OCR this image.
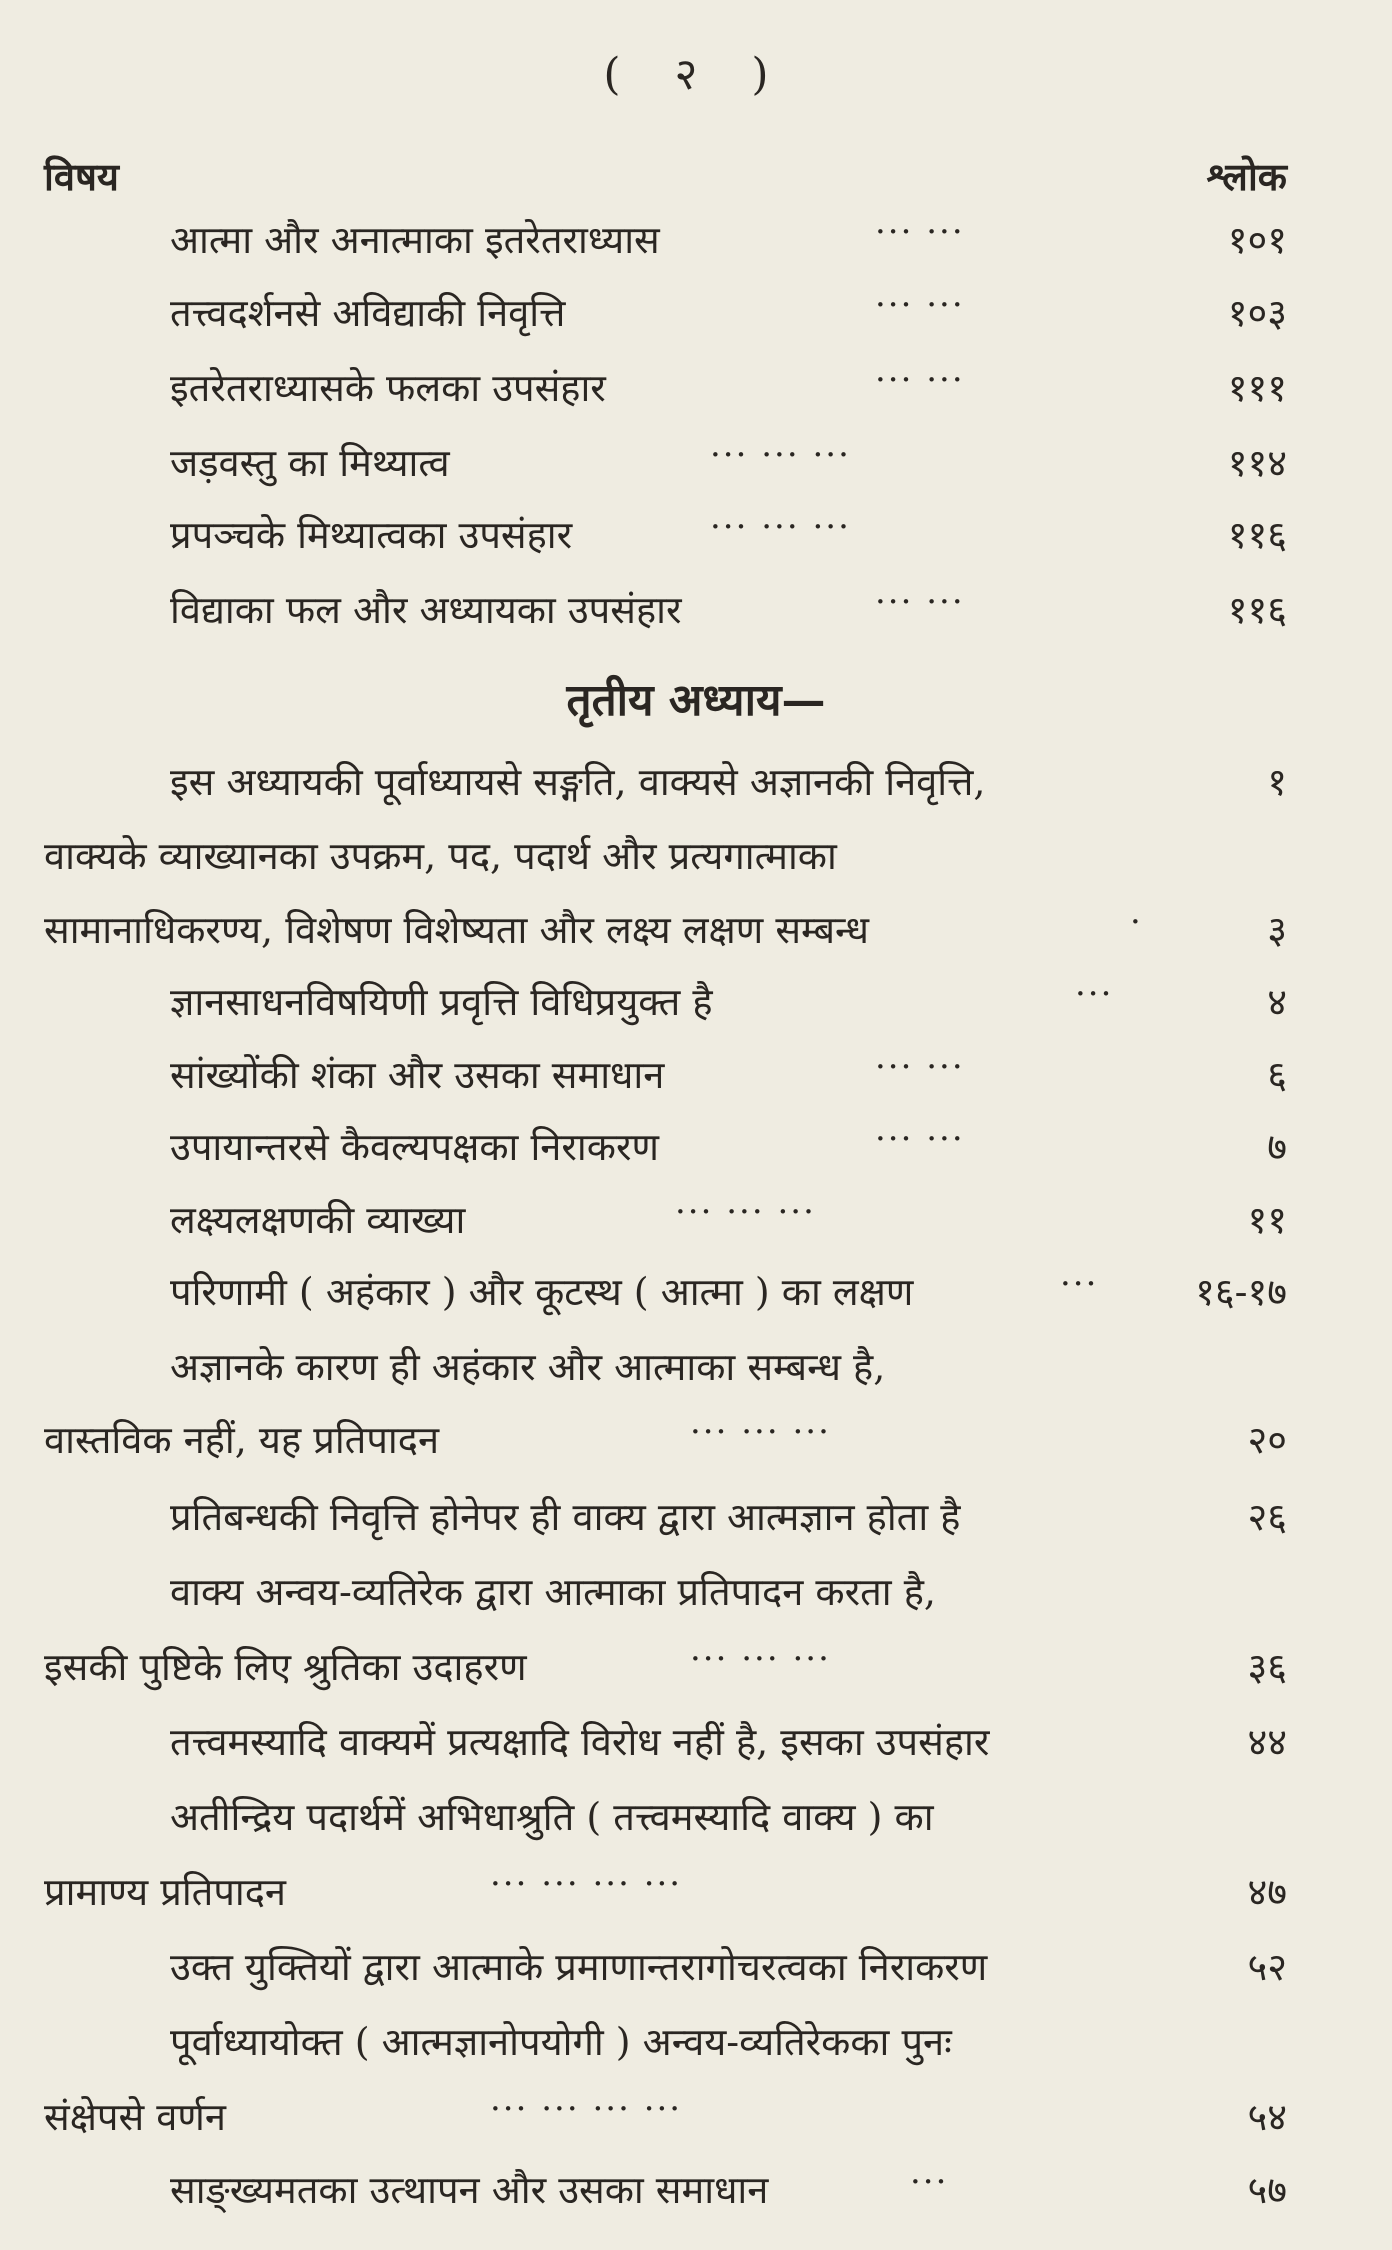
( २ )
विषय	श्लोक
आत्मा और अनात्माका इतरेतराध्यास	··· ···	१०१
तत्त्वदर्शनसे अविद्याकी निवृत्ति	··· ···	१०३
इतरेतराध्यासके फलका उपसंहार	··· ···	१११
जड़वस्तु का मिथ्यात्व	··· ··· ···	११४
प्रपञ्चके मिथ्यात्वका उपसंहार	··· ··· ···	११६
विद्याका फल और अध्यायका उपसंहार	··· ···	११६
तृतीय अध्याय—
इस अध्यायकी पूर्वाध्यायसे सङ्गति, वाक्यसे अज्ञानकी निवृत्ति,	१
वाक्यके व्याख्यानका उपक्रम, पद, पदार्थ और प्रत्यगात्माका
सामानाधिकरण्य, विशेषण विशेष्यता और लक्ष्य लक्षण सम्बन्ध	·	३
ज्ञानसाधनविषयिणी प्रवृत्ति विधिप्रयुक्त है	···	४
सांख्योंकी शंका और उसका समाधान	··· ···	६
उपायान्तरसे कैवल्यपक्षका निराकरण	··· ···	७
लक्ष्यलक्षणकी व्याख्या	··· ··· ···	११
परिणामी ( अहंकार ) और कूटस्थ ( आत्मा ) का लक्षण	···	१६-१७
अज्ञानके कारण ही अहंकार और आत्माका सम्बन्ध है,
वास्तविक नहीं, यह प्रतिपादन	··· ··· ···	२०
प्रतिबन्धकी निवृत्ति होनेपर ही वाक्य द्वारा आत्मज्ञान होता है	२६
वाक्य अन्वय-व्यतिरेक द्वारा आत्माका प्रतिपादन करता है,
इसकी पुष्टिके लिए श्रुतिका उदाहरण	··· ··· ···	३६
तत्त्वमस्यादि वाक्यमें प्रत्यक्षादि विरोध नहीं है, इसका उपसंहार	४४
अतीन्द्रिय पदार्थमें अभिधाश्रुति ( तत्त्वमस्यादि वाक्य ) का
प्रामाण्य प्रतिपादन	··· ··· ··· ···	४७
उक्त युक्तियों द्वारा आत्माके प्रमाणान्तरागोचरत्वका निराकरण	५२
पूर्वाध्यायोक्त ( आत्मज्ञानोपयोगी ) अन्वय-व्यतिरेकका पुनः
संक्षेपसे वर्णन	··· ··· ··· ···	५४
साङ्ख्यमतका उत्थापन और उसका समाधान	···	५७
